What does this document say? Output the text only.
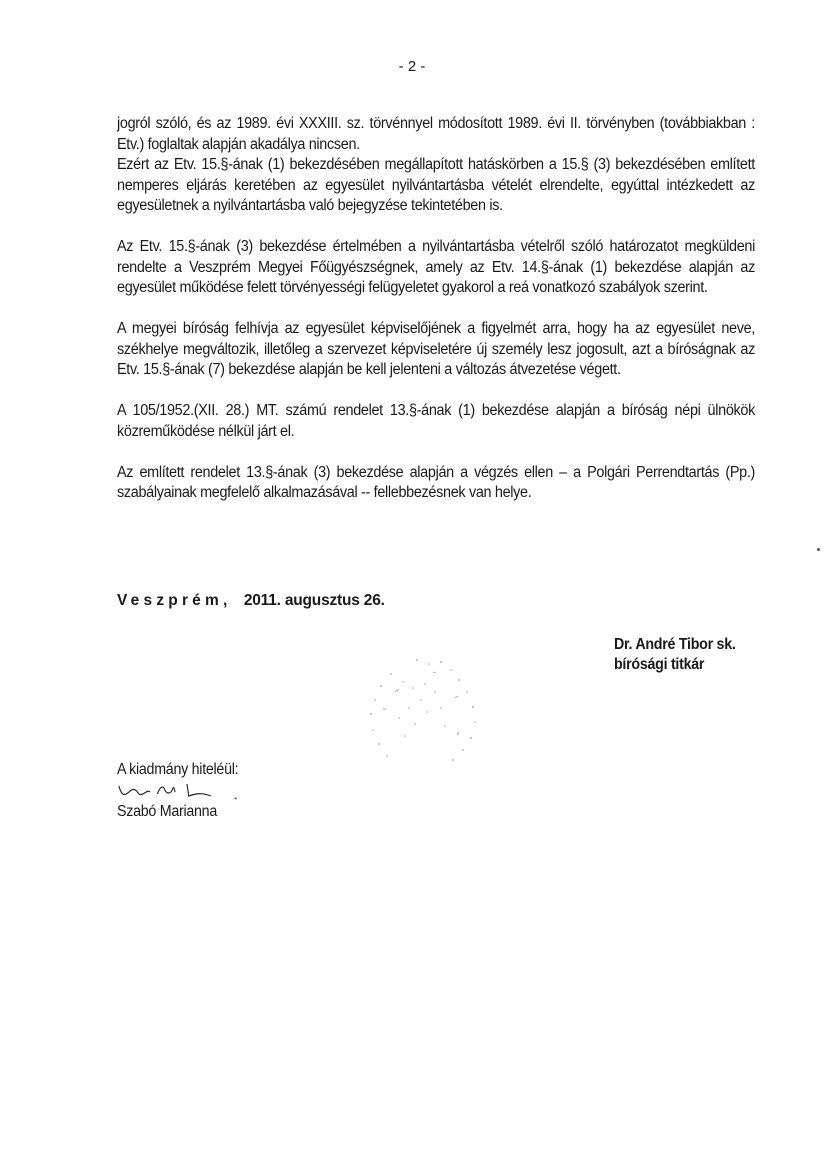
- 2 -

jogról szóló, és az 1989. évi XXXIII. sz. törvénnyel módosított 1989. évi II. törvényben (továbbiakban : Etv.) foglaltak alapján akadálya nincsen.

Ezért az Etv. 15.§-ának (1) bekezdésében megállapított hatáskörben a 15.§ (3) bekezdésében említett nemperes eljárás keretében az egyesület nyilvántartásba vételét elrendelte, egyúttal intézkedett az egyesületnek a nyilvántartásba való bejegyzése tekintetében is.

Az Etv. 15.§-ának (3) bekezdése értelmében a nyilvántartásba vételről szóló határozatot megküldeni rendelte a Veszprém Megyei Főügyészségnek, amely az Etv. 14.§-ának (1) bekezdése alapján az egyesület működése felett törvényességi felügyeletet gyakorol a reá vonatkozó szabályok szerint.

A megyei bíróság felhívja az egyesület képviselőjének a figyelmét arra, hogy ha az egyesület neve, székhelye megváltozik, illetőleg a szervezet képviseletére új személy lesz jogosult, azt a bíróságnak az Etv. 15.§-ának (7) bekezdése alapján be kell jelenteni a változás átvezetése végett.

A 105/1952.(XII. 28.) MT. számú rendelet 13.§-ának (1) bekezdése alapján a bíróság népi ülnökök közreműködése nélkül járt el.

Az említett rendelet 13.§-ának (3) bekezdése alapján a végzés ellen – a Polgári Perrendtartás (Pp.) szabályainak megfelelő alkalmazásával -- fellebbezésnek van helye.

Veszprém, 2011. augusztus 26.
Dr. André Tibor sk.
bírósági titkár
A kiadmány hiteléül:
Szabó Marianna
